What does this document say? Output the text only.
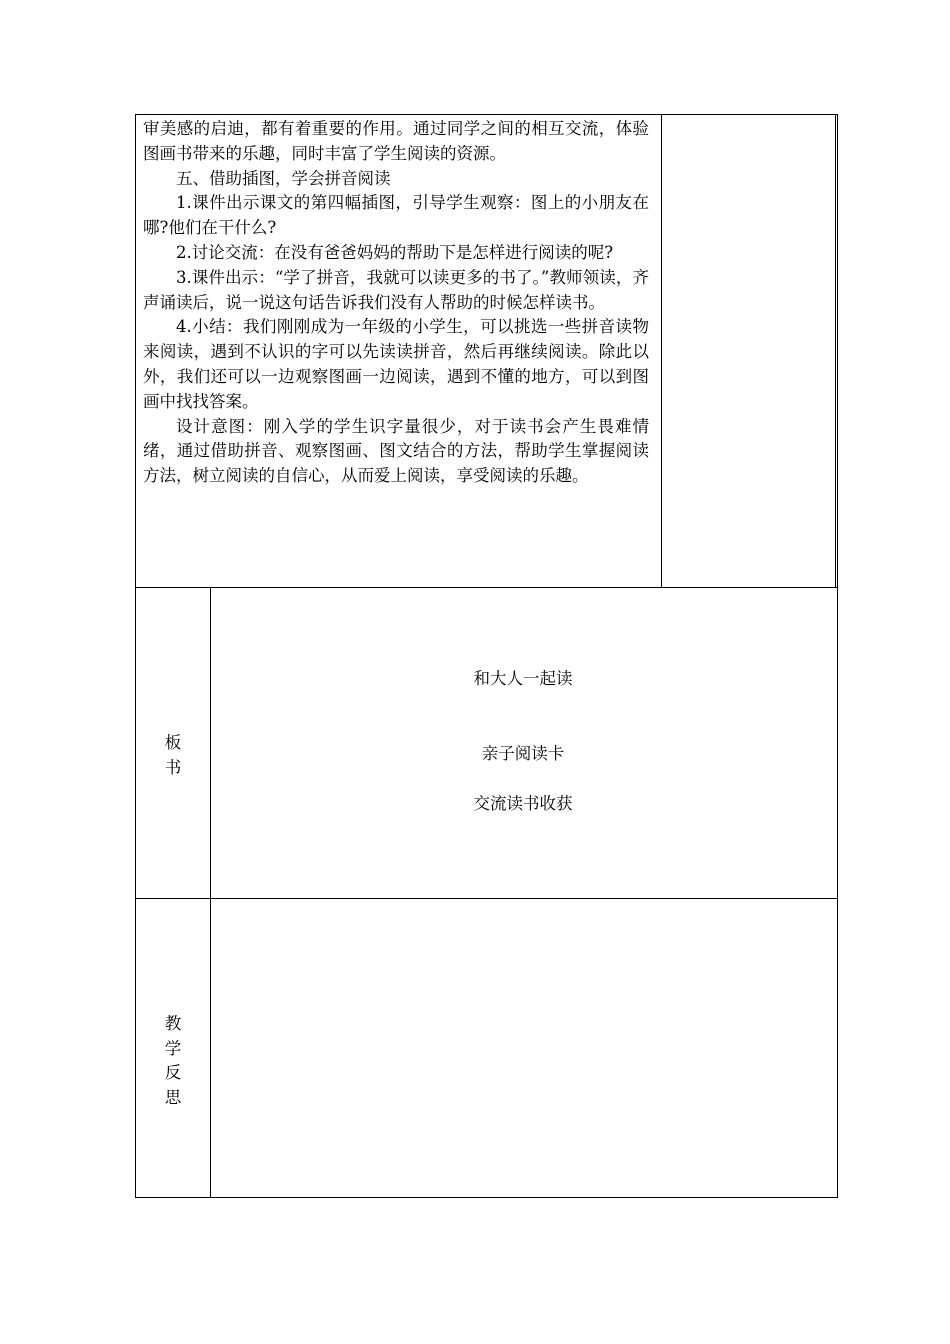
审美感的启迪，都有着重要的作用。通过同学之间的相互交流，体验图画书带来的乐趣，同时丰富了学生阅读的资源。

五、借助插图，学会拼音阅读

1.课件出示课文的第四幅插图，引导学生观察：图上的小朋友在哪?他们在干什么?

2.讨论交流：在没有爸爸妈妈的帮助下是怎样进行阅读的呢?

3.课件出示：“学了拼音，我就可以读更多的书了。”教师领读，齐声诵读后，说一说这句话告诉我们没有人帮助的时候怎样读书。

4.小结：我们刚刚成为一年级的小学生，可以挑选一些拼音读物来阅读，遇到不认识的字可以先读读拼音，然后再继续阅读。除此以外，我们还可以一边观察图画一边阅读，遇到不懂的地方，可以到图画中找找答案。

设计意图：刚入学的学生识字量很少，对于读书会产生畏难情绪，通过借助拼音、观察图画、图文结合的方法，帮助学生掌握阅读方法，树立阅读的自信心，从而爱上阅读，享受阅读的乐趣。

板
书
和大人一起读
亲子阅读卡
交流读书收获
教
学
反
思
